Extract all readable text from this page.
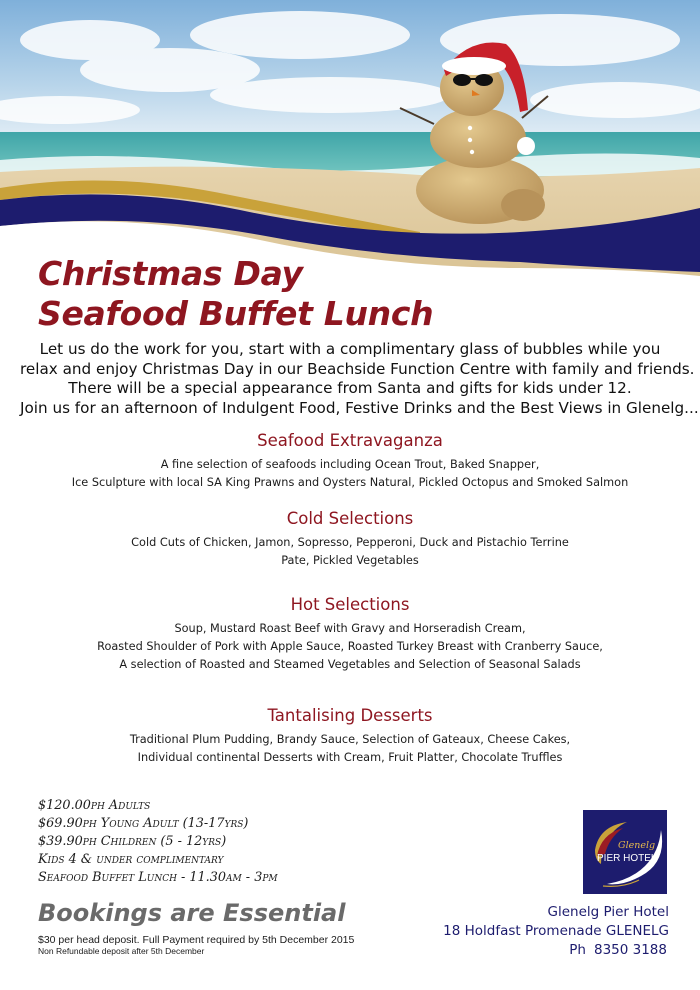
Christmas Day
Seafood Buffet Lunch
Let us do the work for you, start with a complimentary glass of bubbles while you
relax and enjoy Christmas Day in our Beachside Function Centre with family and friends.
There will be a special appearance from Santa and gifts for kids under 12.
Join us for an afternoon of Indulgent Food, Festive Drinks and the Best Views in Glenelg...
Seafood Extravaganza
A fine selection of seafoods including Ocean Trout, Baked Snapper,
Ice Sculpture with local SA King Prawns and Oysters Natural, Pickled Octopus and Smoked Salmon
Cold Selections
Cold Cuts of Chicken, Jamon, Sopresso, Pepperoni, Duck and Pistachio Terrine
Pate, Pickled Vegetables
Hot Selections
Soup, Mustard Roast Beef with Gravy and Horseradish Cream,
Roasted Shoulder of Pork with Apple Sauce, Roasted Turkey Breast with Cranberry Sauce,
A selection of Roasted and Steamed Vegetables and Selection of Seasonal Salads
Tantalising Desserts
Traditional Plum Pudding, Brandy Sauce, Selection of Gateaux, Cheese Cakes,
Individual continental Desserts with Cream, Fruit Platter, Chocolate Truffles
$120.00ph Adults
$69.90ph Young Adult (13-17yrs)
$39.90ph Children (5 - 12yrs)
Kids 4 & under complimentary
Seafood Buffet Lunch - 11.30am - 3pm
Bookings are Essential
$30 per head deposit. Full Payment required by 5th December 2015
Non Refundable deposit after 5th December
Glenelg
PIER HOTEL
Glenelg Pier Hotel
18 Holdfast Promenade GLENELG
Ph 8350 3188
